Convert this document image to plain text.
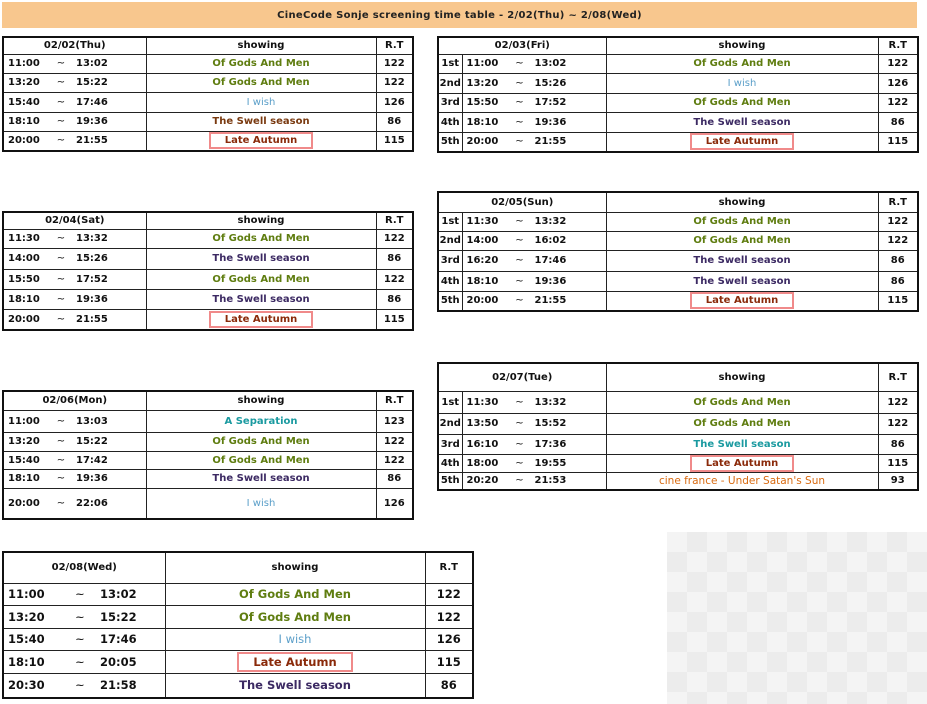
CineCode Sonje screening time table - 2/02(Thu) ~ 2/08(Wed)
02/02(Thu)	showing	R.T

11:00 ~ 13:02	Of Gods And Men	122

13:20 ~ 15:22	Of Gods And Men	122

15:40 ~ 17:46	I wish	126

18:10 ~ 19:36	The Swell season	86

20:00 ~ 21:55	Late Autumn	115
02/03(Fri)		showing	R.T
1st	11:00 ~ 13:02	Of Gods And Men	122
2nd	13:20 ~ 15:26	I wish	126
3rd	15:50 ~ 17:52	Of Gods And Men	122
4th	18:10 ~ 19:36	The Swell season	86
5th	20:00 ~ 21:55	Late Autumn	115
02/04(Sat)	showing	R.T

11:30 ~ 13:32	Of Gods And Men	122

14:00 ~ 15:26	The Swell season	86

15:50 ~ 17:52	Of Gods And Men	122

18:10 ~ 19:36	The Swell season	86

20:00 ~ 21:55	Late Autumn	115
02/05(Sun)		showing	R.T
1st	11:30 ~ 13:32	Of Gods And Men	122
2nd	14:00 ~ 16:02	Of Gods And Men	122
3rd	16:20 ~ 17:46	The Swell season	86
4th	18:10 ~ 19:36	The Swell season	86
5th	20:00 ~ 21:55	Late Autumn	115
02/06(Mon)	showing	R.T

11:00 ~ 13:03	A Separation	123

13:20 ~ 15:22	Of Gods And Men	122

15:40 ~ 17:42	Of Gods And Men	122

18:10 ~ 19:36	The Swell season	86

20:00 ~ 22:06	I wish	126
02/07(Tue)		showing	R.T
1st	11:30 ~ 13:32	Of Gods And Men	122
2nd	13:50 ~ 15:52	Of Gods And Men	122
3rd	16:10 ~ 17:36	The Swell season	86
4th	18:00 ~ 19:55	Late Autumn	115
5th	20:20 ~ 21:53	cine france - Under Satan's Sun	93
02/08(Wed)	showing	R.T

11:00 ~ 13:02	Of Gods And Men	122

13:20 ~ 15:22	Of Gods And Men	122

15:40 ~ 17:46	I wish	126

18:10 ~ 20:05	Late Autumn	115

20:30 ~ 21:58	The Swell season	86
